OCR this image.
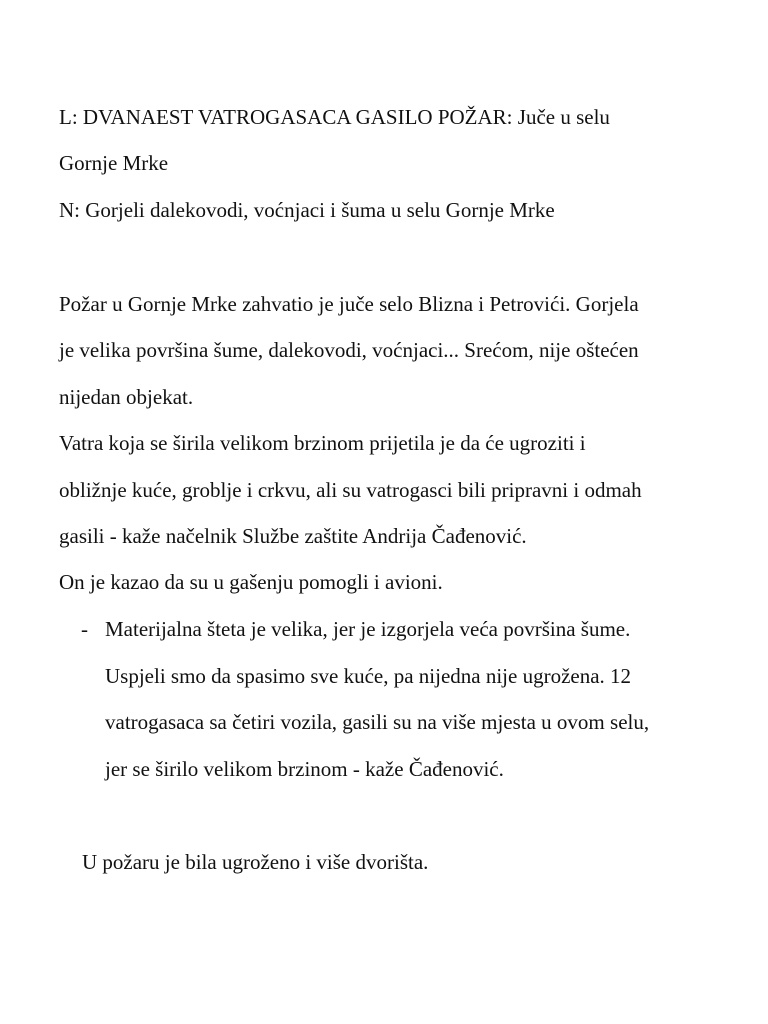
L: DVANAEST VATROGASACA GASILO POŽAR: Juče u selu
Gornje Mrke
N: Gorjeli dalekovodi, voćnjaci i šuma u selu Gornje Mrke
Požar u Gornje Mrke zahvatio je juče selo Blizna i Petrovići. Gorjela
je velika površina šume, dalekovodi, voćnjaci... Srećom, nije oštećen
nijedan objekat.
Vatra koja se širila velikom brzinom prijetila je da će ugroziti i
obližnje kuće, groblje i crkvu, ali su vatrogasci bili pripravni i odmah
gasili - kaže načelnik Službe zaštite Andrija Čađenović.
On je kazao da su u gašenju pomogli i avioni.
- Materijalna šteta je velika, jer je izgorjela veća površina šume.
Uspjeli smo da spasimo sve kuće, pa nijedna nije ugrožena. 12
vatrogasaca sa četiri vozila, gasili su na više mjesta u ovom selu,
jer se širilo velikom brzinom - kaže Čađenović.
U požaru je bila ugroženo i više dvorišta.
